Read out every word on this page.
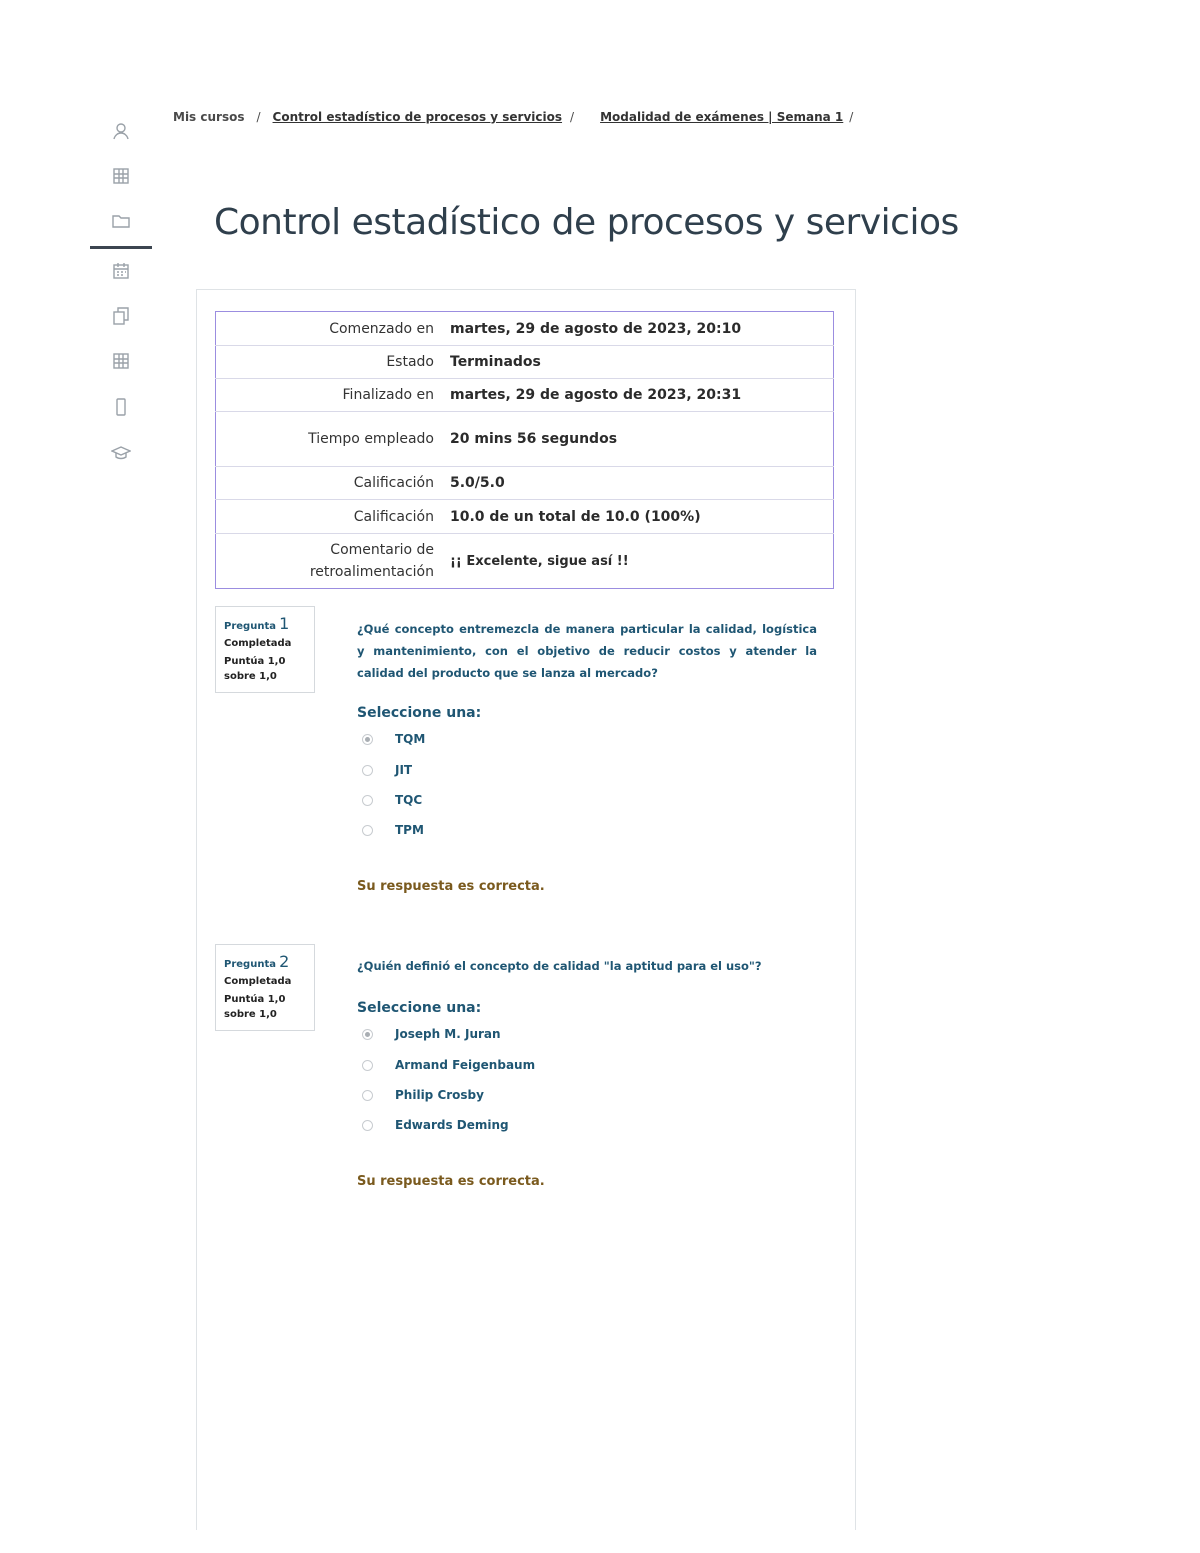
Mis cursos / Control estadístico de procesos y servicios / Modalidad de exámenes | Semana 1 /
Control estadístico de procesos y servicios
Comenzado en	martes, 29 de agosto de 2023, 20:10
Estado	Terminados
Finalizado en	martes, 29 de agosto de 2023, 20:31
Tiempo empleado	20 mins 56 segundos
Calificación	5.0/5.0
Calificación	10.0 de un total de 10.0 (100%)
Comentario de retroalimentación	¡¡ Excelente, sigue así !!
Pregunta 1
Completada
Puntúa 1,0 sobre 1,0
¿Qué concepto entremezcla de manera particular la calidad, logística y mantenimiento, con el objetivo de reducir costos y atender la calidad del producto que se lanza al mercado?
Seleccione una:
TQM
JIT
TQC
TPM
Su respuesta es correcta.
Pregunta 2
Completada
Puntúa 1,0 sobre 1,0
¿Quién definió el concepto de calidad "la aptitud para el uso"?
Seleccione una:
Joseph M. Juran
Armand Feigenbaum
Philip Crosby
Edwards Deming
Su respuesta es correcta.
